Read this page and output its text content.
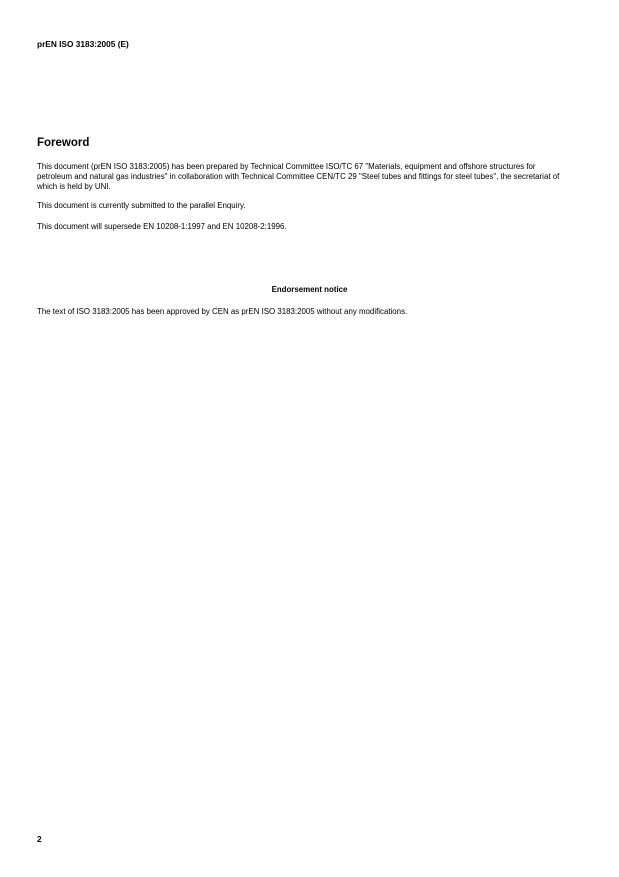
prEN ISO 3183:2005 (E)
Foreword
This document (prEN ISO 3183:2005) has been prepared by Technical Committee ISO/TC 67 "Materials, equipment and offshore structures for petroleum and natural gas industries" in collaboration with Technical Committee CEN/TC 29 "Steel tubes and fittings for steel tubes", the secretariat of which is held by UNI.
This document is currently submitted to the parallel Enquiry.
This document will supersede EN 10208-1:1997 and EN 10208-2:1996.
Endorsement notice
The text of ISO 3183:2005 has been approved by CEN as prEN ISO 3183:2005 without any modifications.
2
